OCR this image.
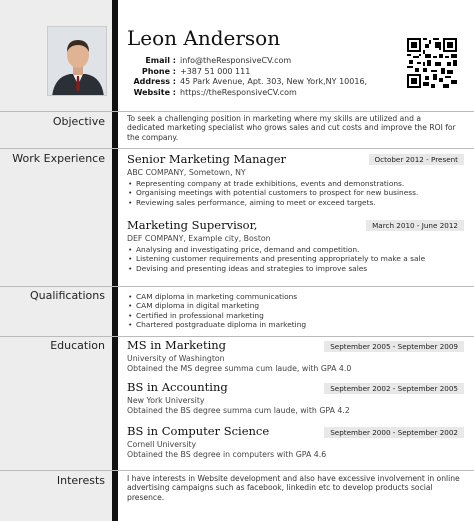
Leon Anderson
Email : info@theResponsiveCV.com
Phone : +387 51 000 111
Address : 45 Park Avenue, Apt. 303, New York,NY 10016,
Website : https://theResponsiveCV.com
Objective	To seek a challenging position in marketing where my skills are utilized and a
dedicated marketing specialist who grows sales and cut costs and improve the ROI for
the company.
Work Experience Senior Marketing Manager	October 2012 - Present
ABC COMPANY, Sometown, NY
• Representing company at trade exhibitions, events and demonstrations.
• Organising meetings with potential customers to prospect for new business.
• Reviewing sales performance, aiming to meet or exceed targets.
Marketing Supervisor,	March 2010 - June 2012
DEF COMPANY, Example city, Boston
• Analysing and investigating price, demand and competition.
• Listening customer requirements and presenting appropriately to make a sale
• Devising and presenting ideas and strategies to improve sales
Qualifications
•	CAM diploma in marketing communications
• CAM diploma in digital marketing
• Certified in professional marketing
• Chartered postgraduate diploma in marketing
Education MS in Marketing	September 2005 - September 2009
University of Washington
Obtained the MS degree summa cum laude, with GPA 4.0
BS in Accounting	September 2002 - September 2005
New York University
Obtained the BS degree summa cum laude, with GPA 4.2
BS in Computer Science	September 2000 - September 2002
Cornell University
Obtained the BS degree in computers with GPA 4.6
Interests	I have interests in Website development and also have excessive involvement in online
advertising campaigns such as facebook, linkedin etc to develop products social
presence.
